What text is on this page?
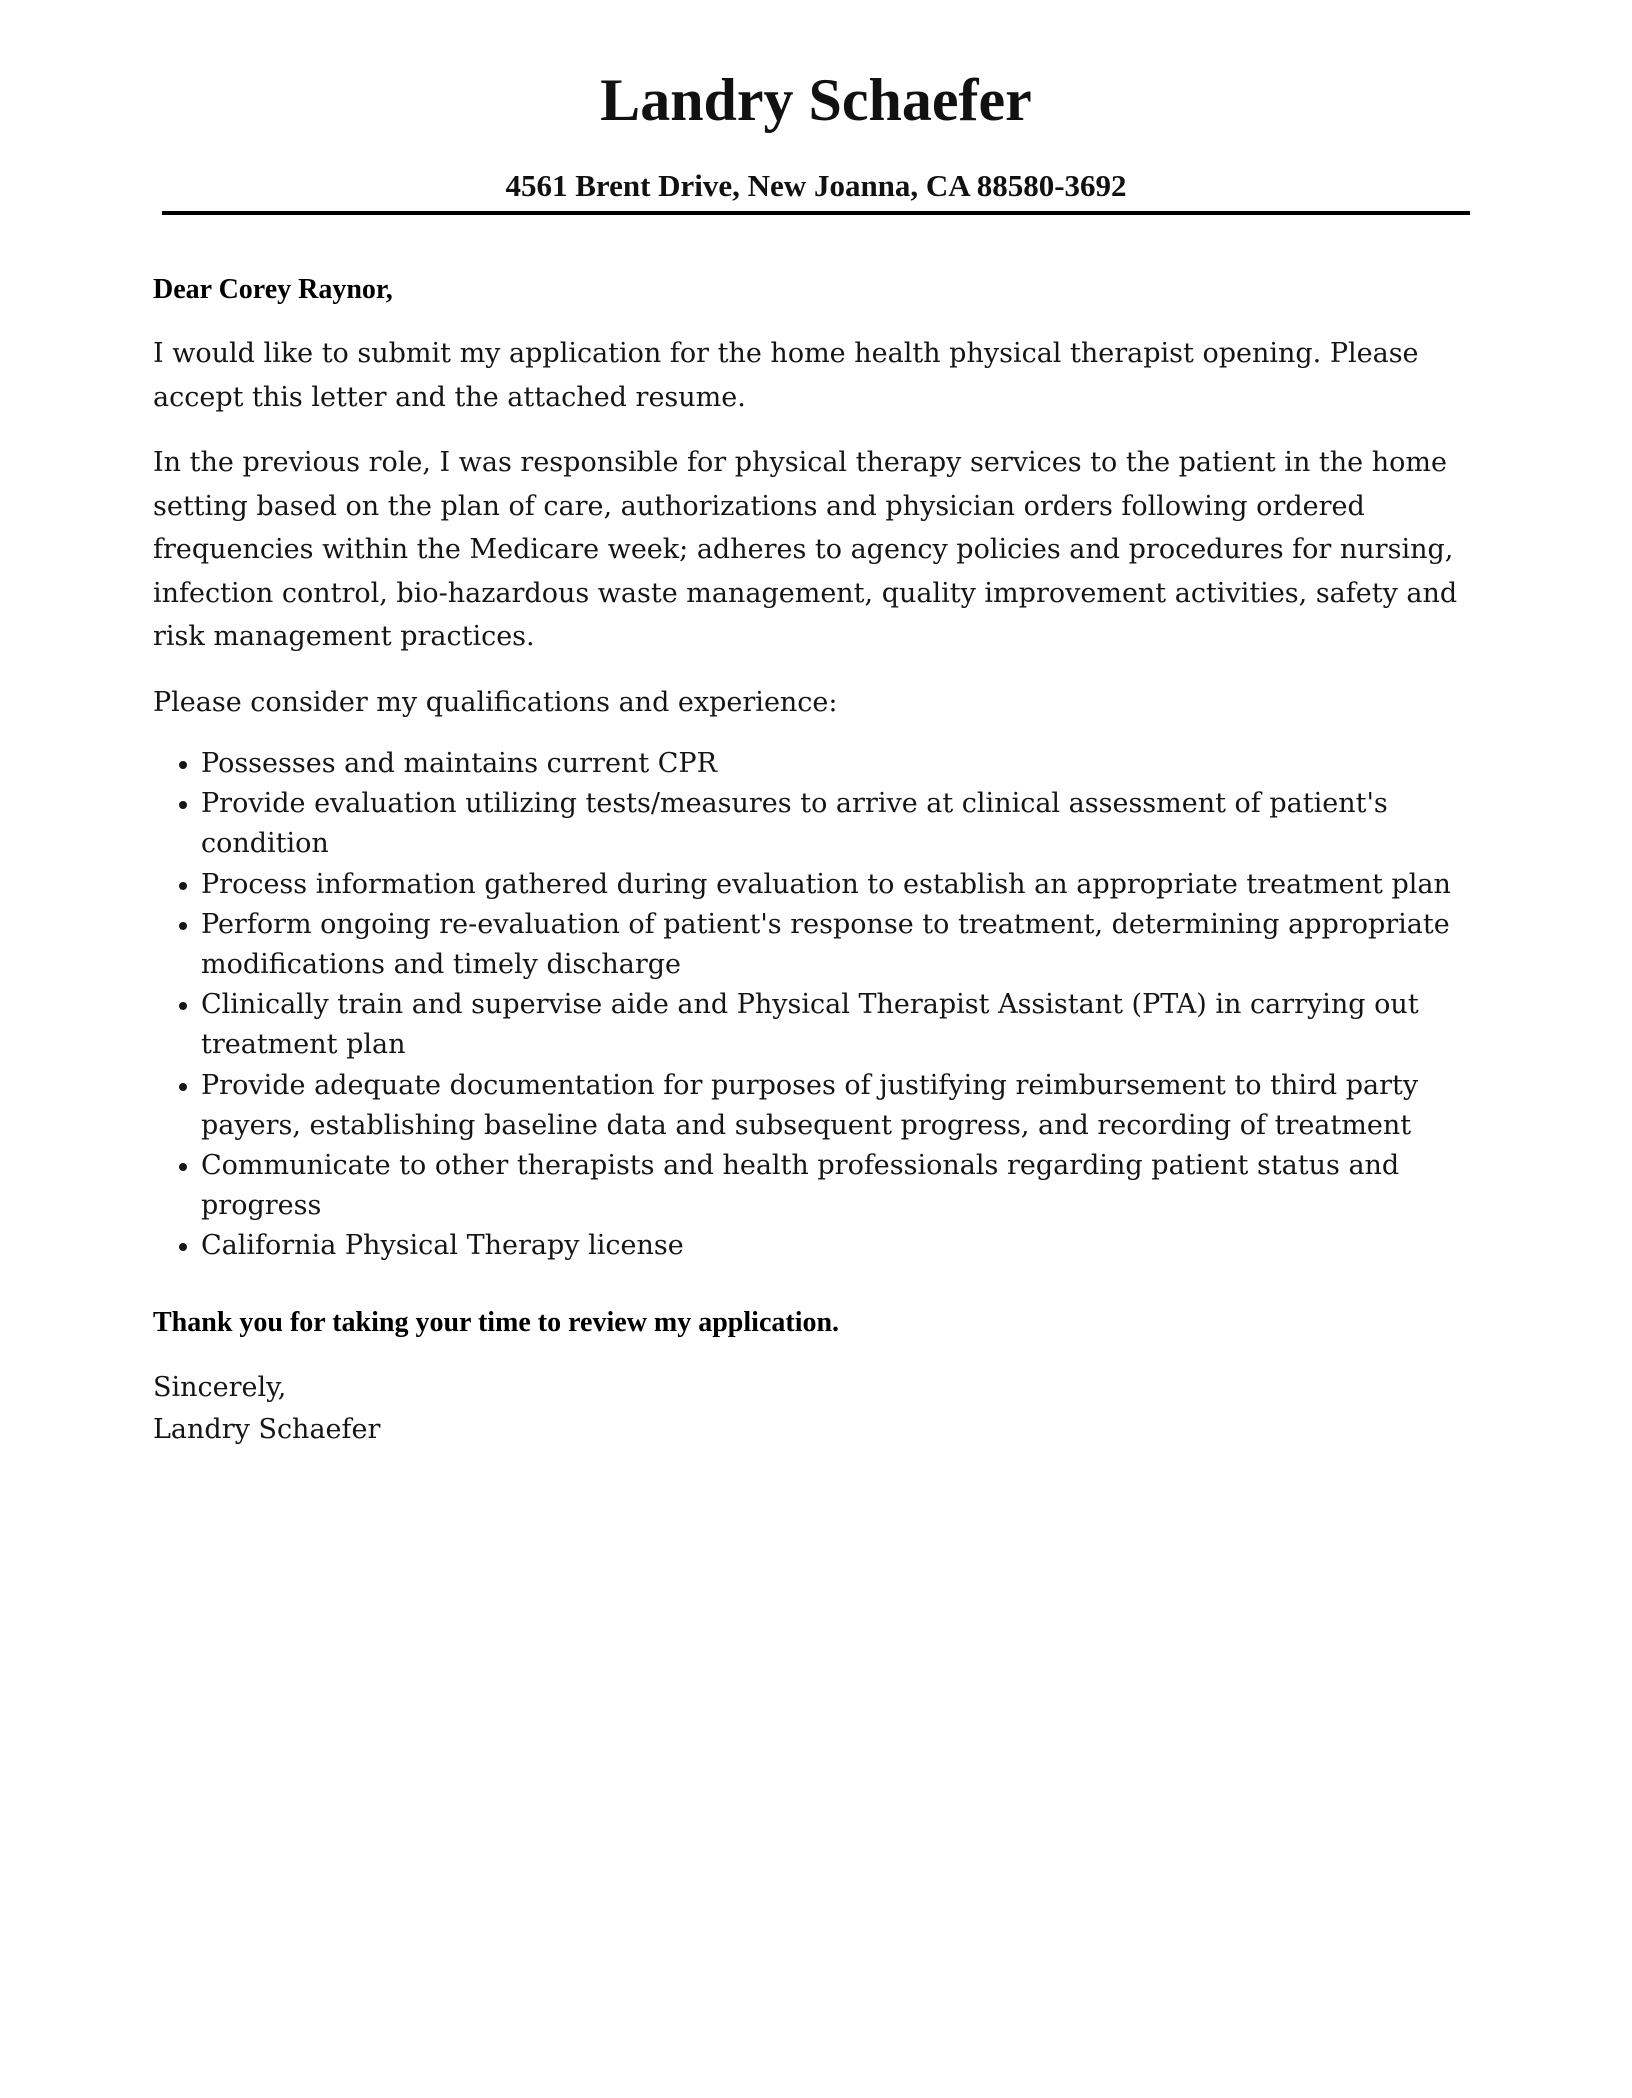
Landry Schaefer
4561 Brent Drive, New Joanna, CA 88580-3692

Dear Corey Raynor,

I would like to submit my application for the home health physical therapist opening. Please accept this letter and the attached resume.

In the previous role, I was responsible for physical therapy services to the patient in the home setting based on the plan of care, authorizations and physician orders following ordered frequencies within the Medicare week; adheres to agency policies and procedures for nursing, infection control, bio-hazardous waste management, quality improvement activities, safety and risk management practices.

Please consider my qualifications and experience:

Possesses and maintains current CPR
Provide evaluation utilizing tests/measures to arrive at clinical assessment of patient's condition
Process information gathered during evaluation to establish an appropriate treatment plan
Perform ongoing re-evaluation of patient's response to treatment, determining appropriate modifications and timely discharge
Clinically train and supervise aide and Physical Therapist Assistant (PTA) in carrying out treatment plan
Provide adequate documentation for purposes of justifying reimbursement to third party payers, establishing baseline data and subsequent progress, and recording of treatment
Communicate to other therapists and health professionals regarding patient status and progress
California Physical Therapy license

Thank you for taking your time to review my application.

Sincerely,

Landry Schaefer
